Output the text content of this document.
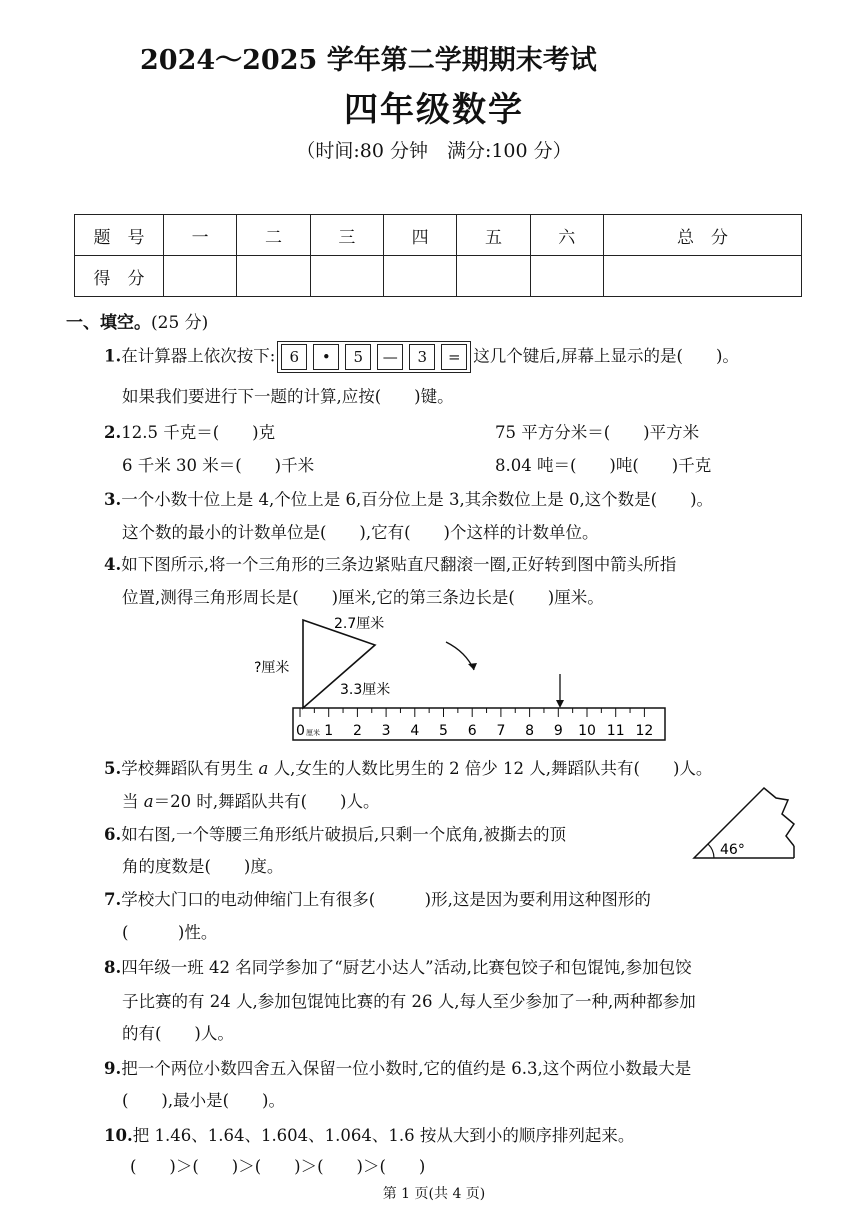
2024～2025 学年第二学期期末考试
四年级数学
（时间:80 分钟　满分:100 分）
题　号	一	二	三	四	五	六	总　分
得　分							
一、填空。(25 分)
1.在计算器上依次按下: 6	•	5	—	3	= 这几个键后,屏幕上显示的是(　　)。
如果我们要进行下一题的计算,应按(　　)键。
2.12.5 千克＝(　　)克	75 平方分米＝(　　)平方米
6 千米 30 米＝(　　)千米	8.04 吨＝(　　)吨(　　)千克
3.一个小数十位上是 4,个位上是 6,百分位上是 3,其余数位上是 0,这个数是(　　)。
这个数的最小的计数单位是(　　),它有(　　)个这样的计数单位。
4.如下图所示,将一个三角形的三条边紧贴直尺翻滚一圈,正好转到图中箭头所指
位置,测得三角形周长是(　　)厘米,它的第三条边长是(　　)厘米。
2.7厘米
?厘米
3.3厘米
0 厘米 1 2 3 4 5 6 7 8 9 10 11 12
5.学校舞蹈队有男生 a 人,女生的人数比男生的 2 倍少 12 人,舞蹈队共有(　　)人。
当 a＝20 时,舞蹈队共有(　　)人。
6.如右图,一个等腰三角形纸片破损后,只剩一个底角,被撕去的顶
角的度数是(　　)度。
46°
7.学校大门口的电动伸缩门上有很多(　　　)形,这是因为要利用这种图形的
(　　　)性。
8.四年级一班 42 名同学参加了“厨艺小达人”活动,比赛包饺子和包馄饨,参加包饺
子比赛的有 24 人,参加包馄饨比赛的有 26 人,每人至少参加了一种,两种都参加
的有(　　)人。
9.把一个两位小数四舍五入保留一位小数时,它的值约是 6.3,这个两位小数最大是
(　　),最小是(　　)。
10.把 1.46、1.64、1.604、1.064、1.6 按从大到小的顺序排列起来。
(　　)＞(　　)＞(　　)＞(　　)＞(　　)
第 1 页(共 4 页)
